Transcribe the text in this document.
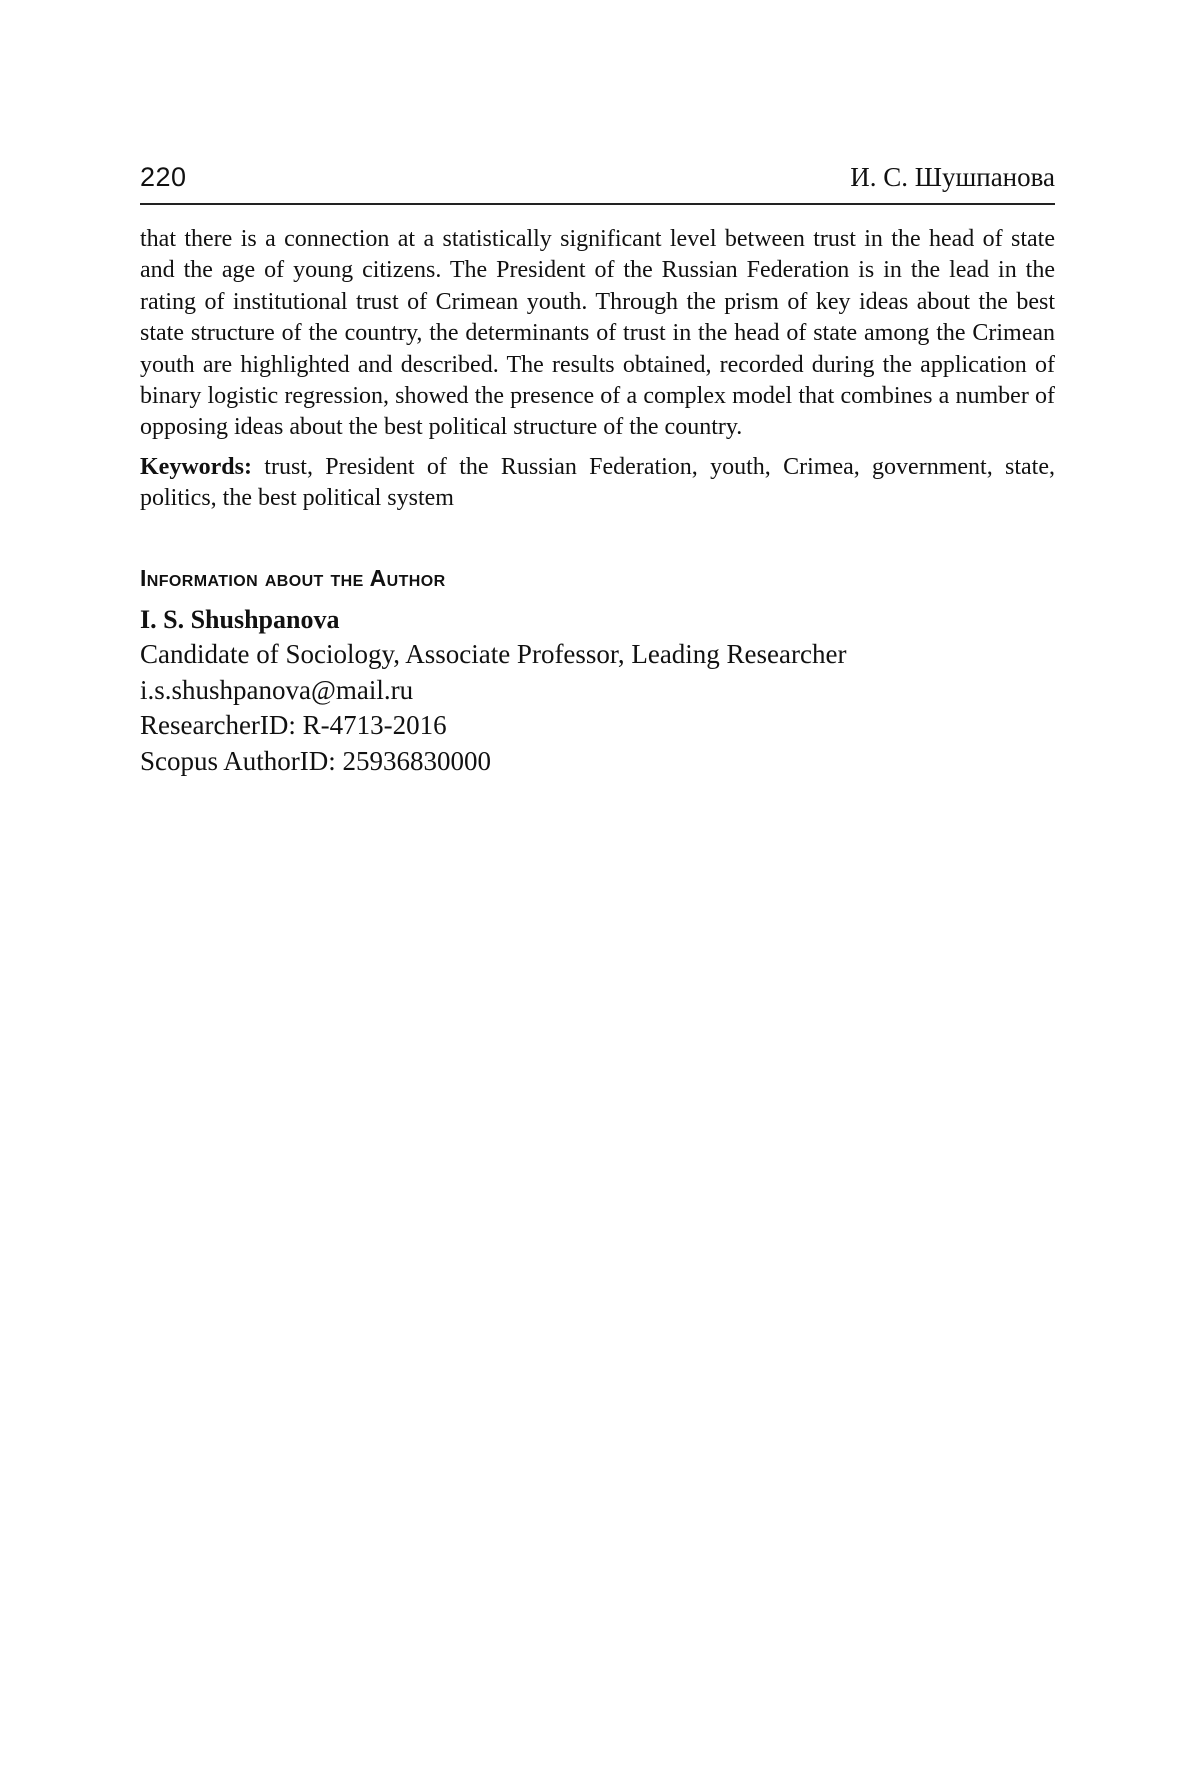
220	И. С. Шушпанова

that there is a connection at a statistically significant level between trust in the head of state and the age of young citizens. The President of the Russian Federation is in the lead in the rating of institutional trust of Crimean youth. Through the prism of key ideas about the best state structure of the country, the determinants of trust in the head of state among the Crimean youth are highlighted and described. The results obtained, recorded during the application of binary logistic regression, showed the presence of a complex model that combines a number of opposing ideas about the best political structure of the country.

Keywords: trust, President of the Russian Federation, youth, Crimea, government, state, politics, the best political system

Information about the Author
I. S. Shushpanova
Candidate of Sociology, Associate Professor, Leading Researcher
i.s.shushpanova@mail.ru
ResearcherID: R-4713-2016
Scopus AuthorID: 25936830000
